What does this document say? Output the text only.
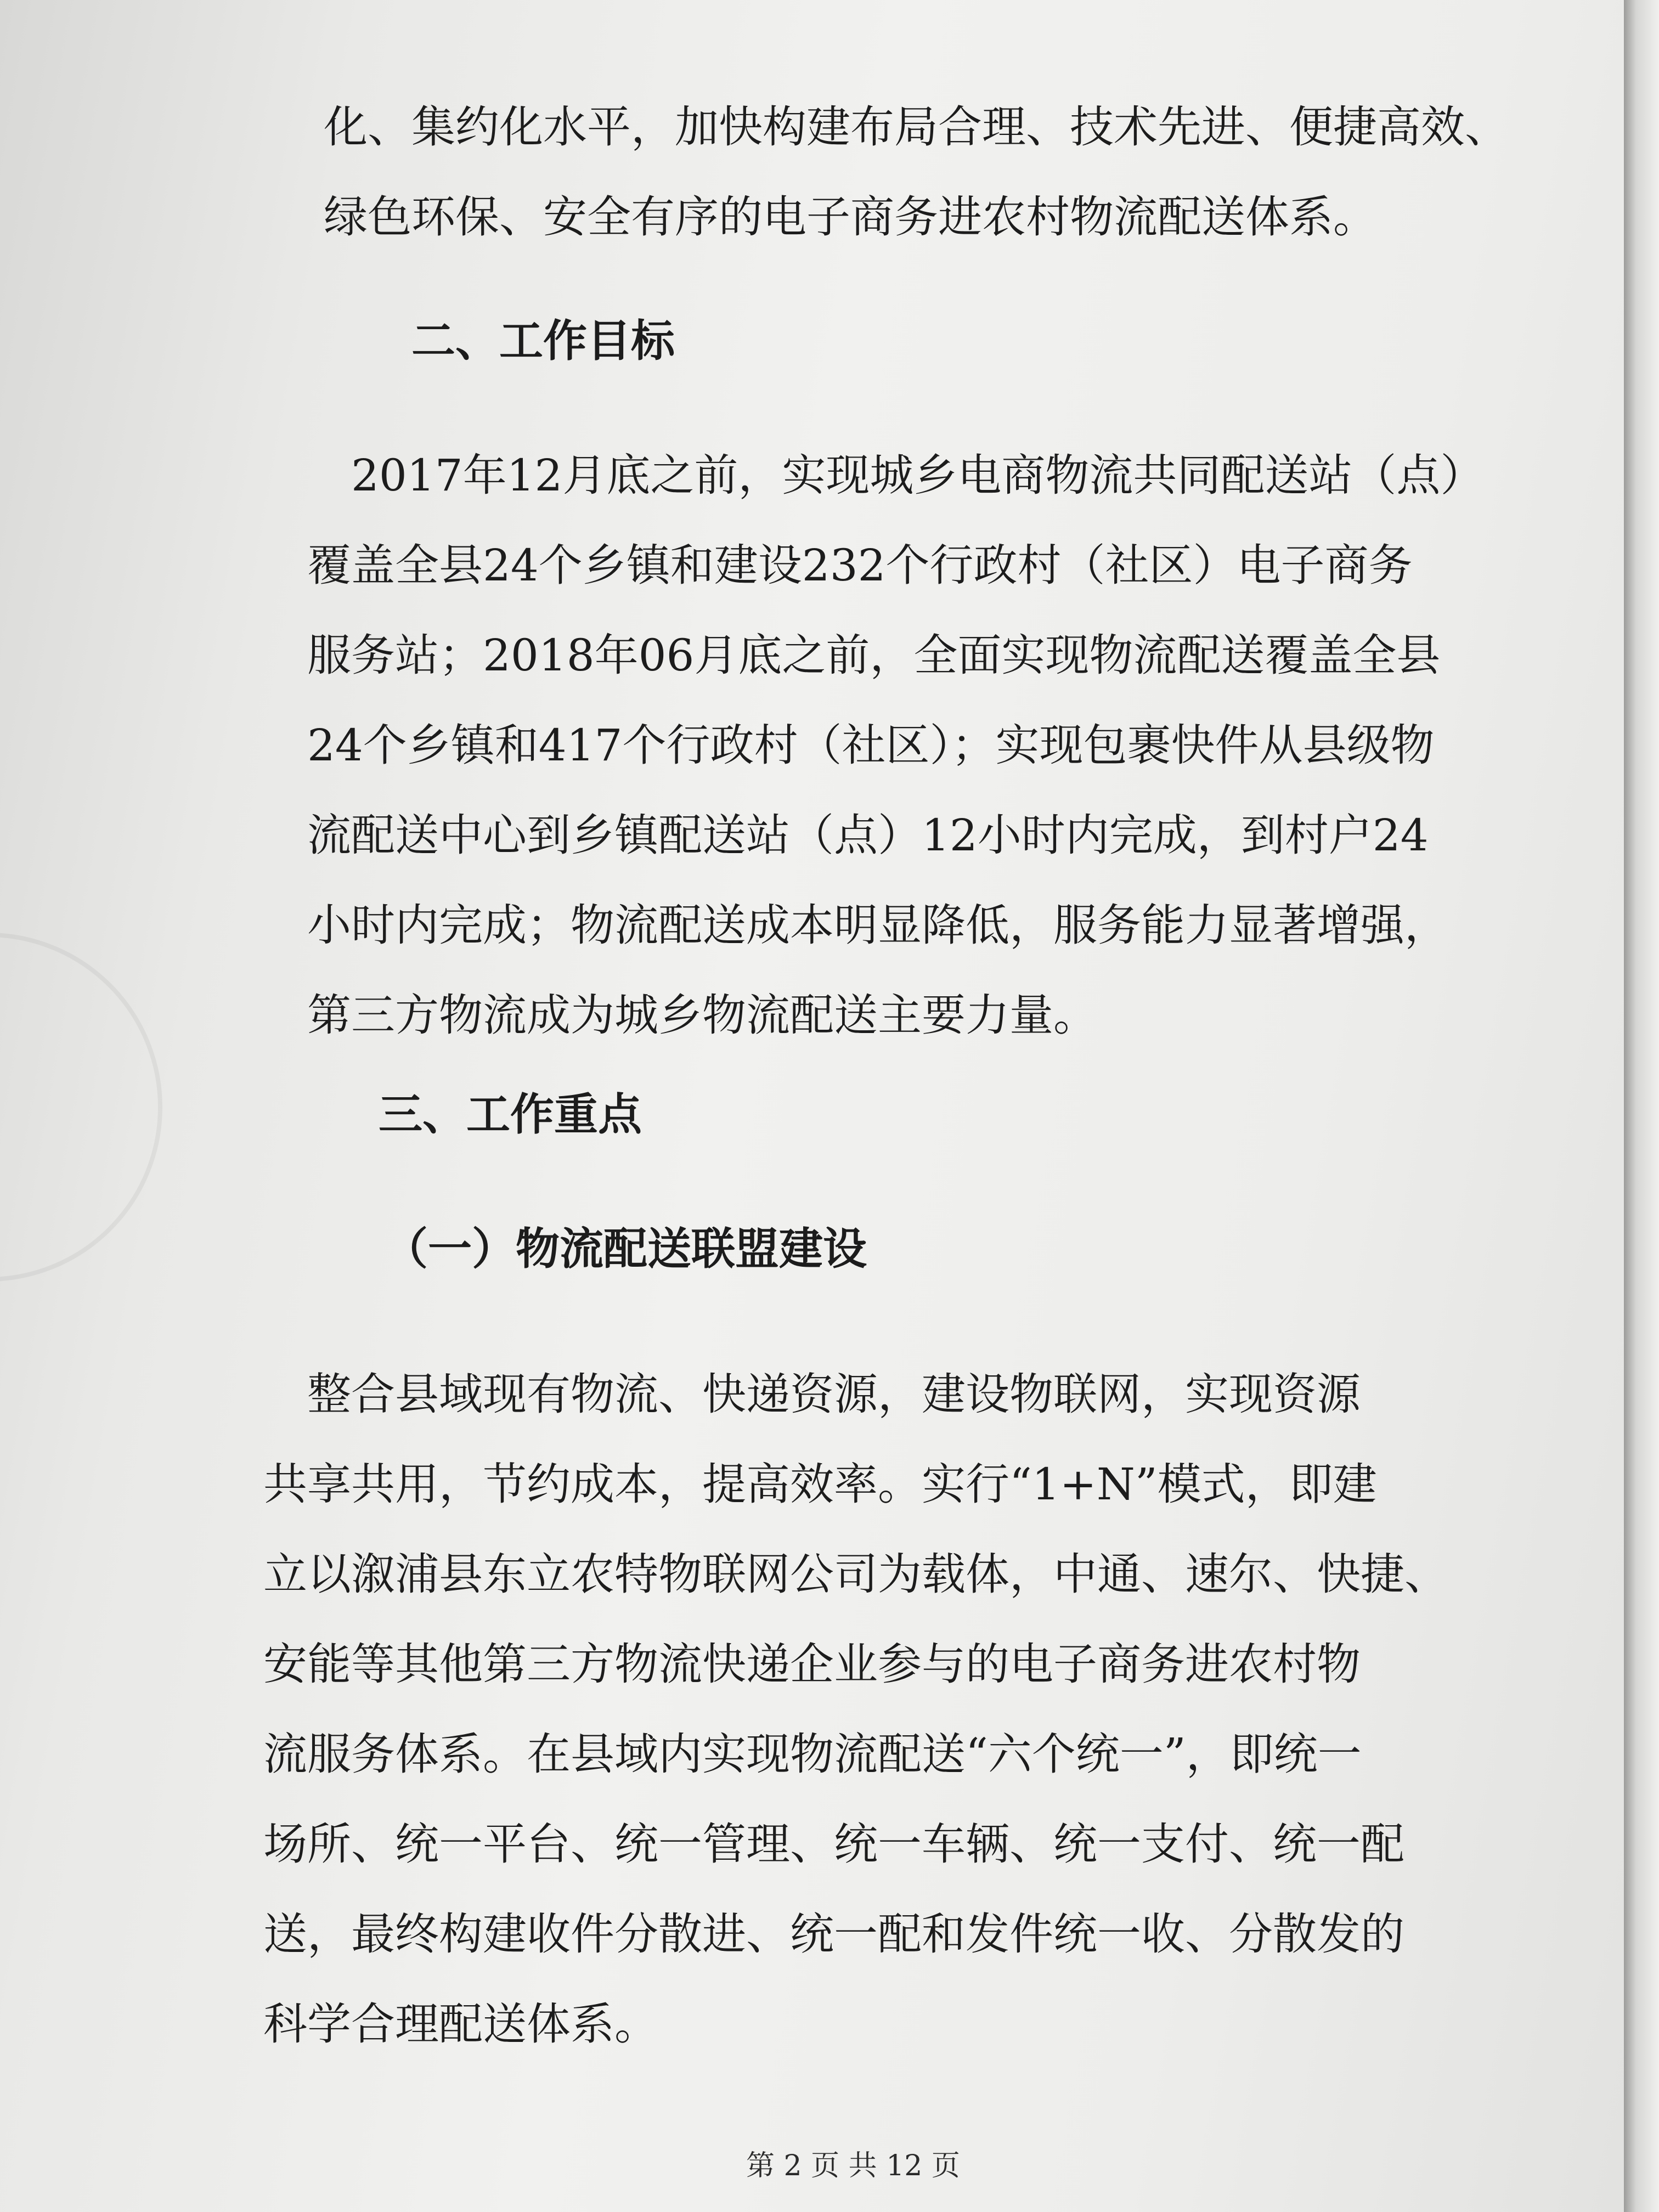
化、集约化水平，加快构建布局合理、技术先进、便捷高效、
绿色环保、安全有序的电子商务进农村物流配送体系。
二、工作目标
　2017年12月底之前，实现城乡电商物流共同配送站（点）
覆盖全县24个乡镇和建设232个行政村（社区）电子商务
服务站；2018年06月底之前，全面实现物流配送覆盖全县
24个乡镇和417个行政村（社区）；实现包裹快件从县级物
流配送中心到乡镇配送站（点）12小时内完成，到村户24
小时内完成；物流配送成本明显降低，服务能力显著增强，
第三方物流成为城乡物流配送主要力量。
三、工作重点
（一）物流配送联盟建设
　整合县域现有物流、快递资源，建设物联网，实现资源
共享共用，节约成本，提高效率。实行“1+N”模式，即建
立以溆浦县东立农特物联网公司为载体，中通、速尔、快捷、
安能等其他第三方物流快递企业参与的电子商务进农村物
流服务体系。在县域内实现物流配送“六个统一”，即统一
场所、统一平台、统一管理、统一车辆、统一支付、统一配
送，最终构建收件分散进、统一配和发件统一收、分散发的
科学合理配送体系。
第 2 页 共 12 页
